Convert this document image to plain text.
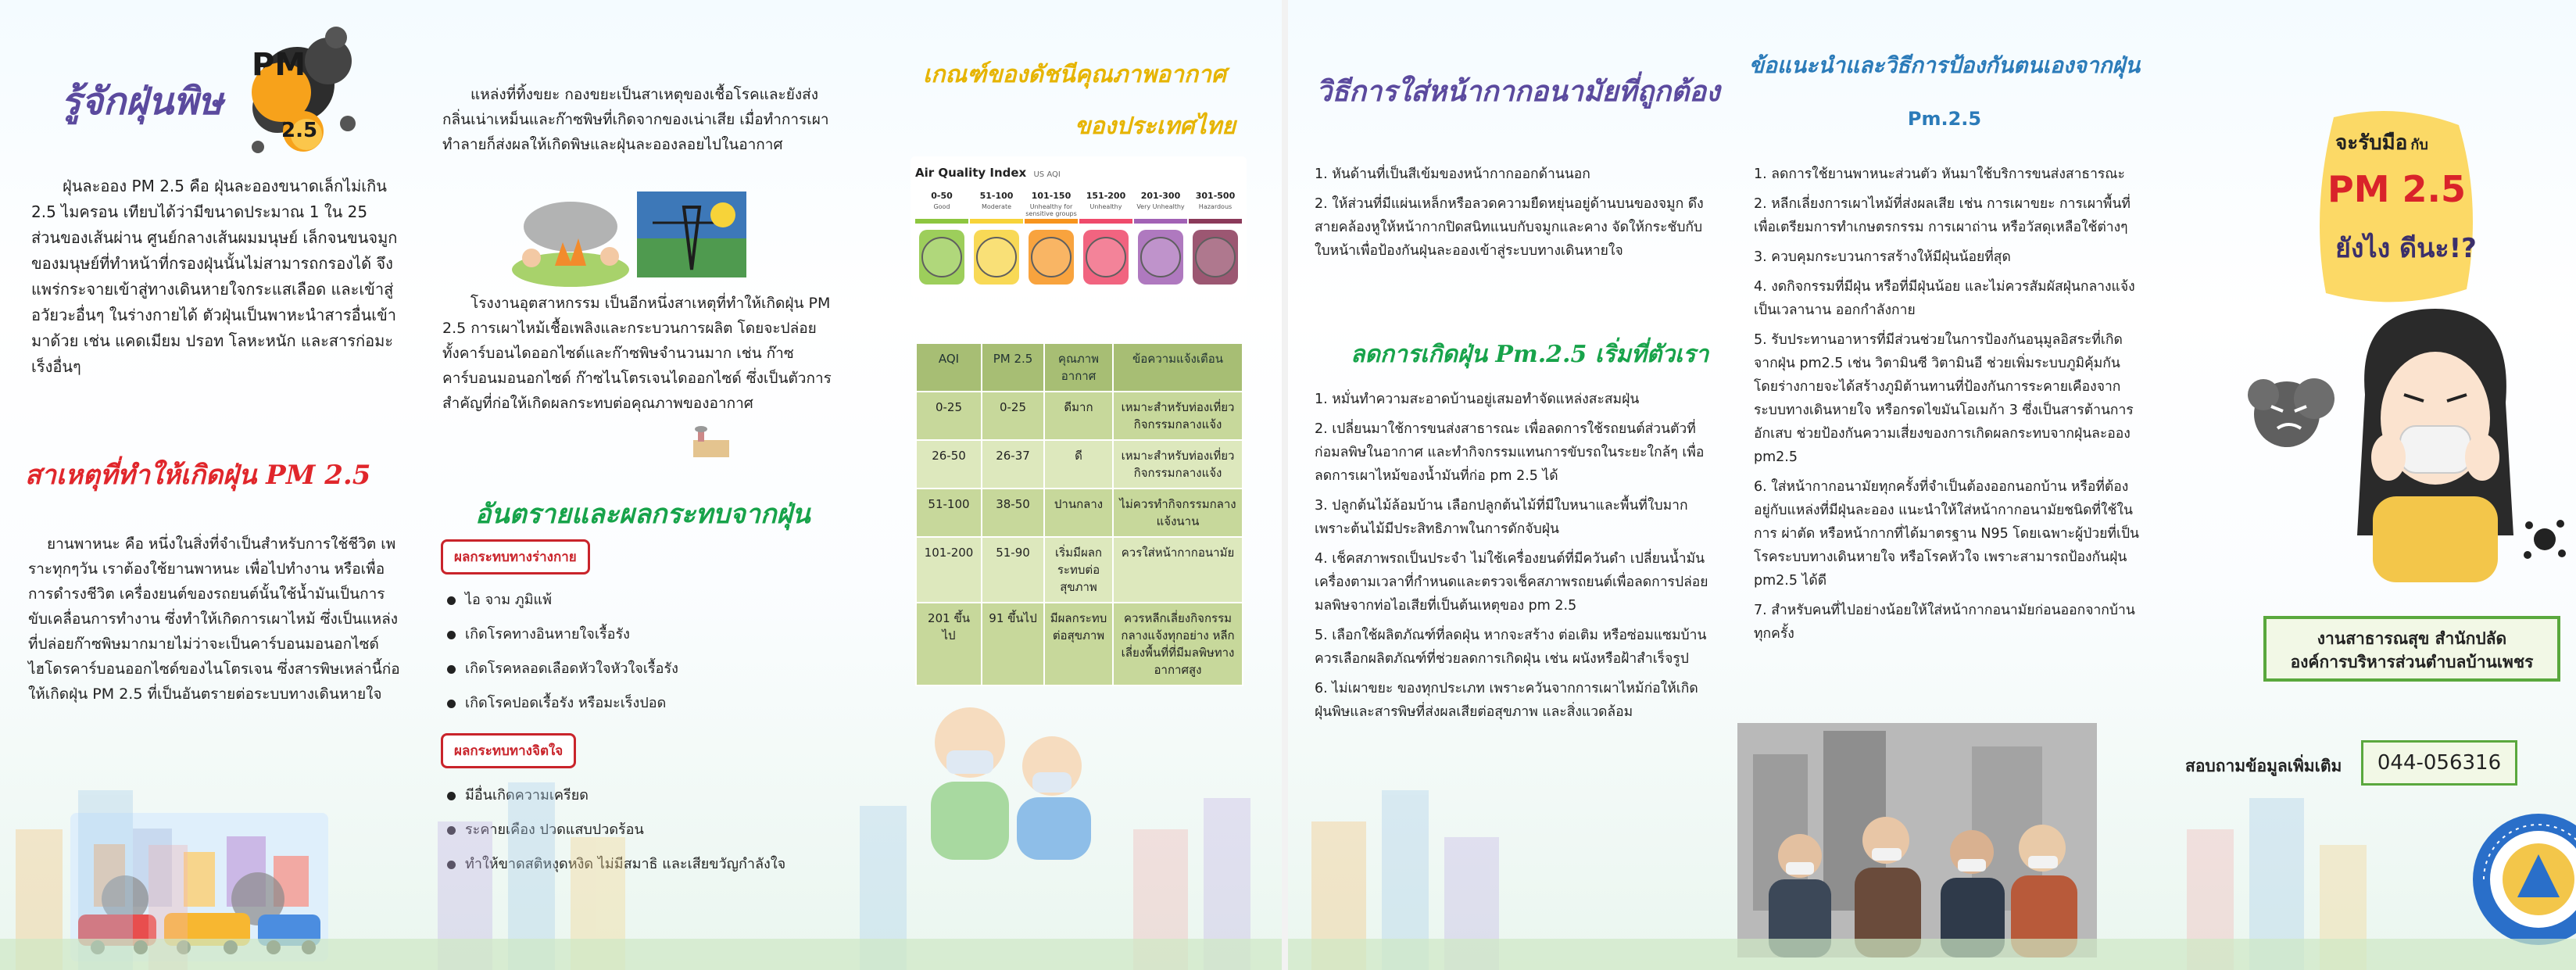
รู้จักฝุ่นพิษ
PM
2.5

ฝุ่นละออง PM 2.5 คือ ฝุ่นละอองขนาดเล็กไม่เกิน 2.5 ไมครอน เทียบได้ว่ามีขนาดประมาณ 1 ใน 25 ส่วนของเส้นผ่าน ศูนย์กลางเส้นผมมนุษย์ เล็กจนขนจมูกของมนุษย์ที่ทำหน้าที่กรองฝุ่นนั้นไม่สามารถกรองได้ จึงแพร่กระจายเข้าสู่ทางเดินหายใจกระแสเลือด และเข้าสู่อวัยวะอื่นๆ ในร่างกายได้ ตัวฝุ่นเป็นพาหะนำสารอื่นเข้ามาด้วย เช่น แคดเมียม ปรอท โลหะหนัก และสารก่อมะเร็งอื่นๆ

สาเหตุที่ทำให้เกิดฝุ่น PM 2.5

ยานพาหนะ คือ หนึ่งในสิ่งที่จำเป็นสำหรับการใช้ชีวิต เพราะทุกๆวัน เราต้องใช้ยานพาหนะ เพื่อไปทำงาน หรือเพื่อการดำรงชีวิต เครื่องยนต์ของรถยนต์นั้นใช้น้ำมันเป็นการขับเคลื่อนการทำงาน ซึ่งทำให้เกิดการเผาไหม้ ซึ่งเป็นแหล่งที่ปล่อยก๊าซพิษมากมายไม่ว่าจะเป็นคาร์บอนมอนอกไซด์ไฮโดรคาร์บอนออกไซด์ของไนโตรเจน ซึ่งสารพิษเหล่านี้ก่อให้เกิดฝุ่น PM 2.5 ที่เป็นอันตรายต่อระบบทางเดินหายใจ

แหล่งที่ทิ้งขยะ กองขยะเป็นสาเหตุของเชื้อโรคและยังส่งกลิ่นเน่าเหม็นและก๊าซพิษที่เกิดจากของเน่าเสีย เมื่อทำการเผาทำลายก็ส่งผลให้เกิดพิษและฝุ่นละอองลอยไปในอากาศ

โรงงานอุตสาหกรรม เป็นอีกหนึ่งสาเหตุที่ทำให้เกิดฝุ่น PM 2.5 การเผาไหม้เชื้อเพลิงและกระบวนการผลิต โดยจะปล่อยทั้งคาร์บอนไดออกไซด์และก๊าซพิษจำนวนมาก เช่น ก๊าซคาร์บอนมอนอกไซด์ ก๊าซไนโตรเจนไดออกไซด์ ซึ่งเป็นตัวการสำคัญที่ก่อให้เกิดผลกระทบต่อคุณภาพของอากาศ

อันตรายและผลกระทบจากฝุ่น
ผลกระทบทางร่างกาย
ไอ จาม ภูมิแพ้
เกิดโรคทางอินหายใจเรื้อรัง
เกิดโรคหลอดเลือดหัวใจหัวใจเรื้อรัง
เกิดโรคปอดเรื้อรัง หรือมะเร็งปอด
ผลกระทบทางจิตใจ
มีอื่นเกิดความเครียด
ระคายเคือง ปวดแสบปวดร้อน
ทำให้ขาดสติหงุดหงิด ไม่มีสมาธิ และเสียขวัญกำลังใจ
เกณฑ์ของดัชนีคุณภาพอากาศ
ของประเทศไทย
Air Quality Index US AQI
0-50
Good
51-100
Moderate
101-150
Unhealthy for sensitive groups
151-200
Unhealthy
201-300
Very Unhealthy
301-500
Hazardous
AQI	PM 2.5	คุณภาพอากาศ	ข้อความแจ้งเตือน
0-25	0-25	ดีมาก	เหมาะสำหรับท่องเที่ยว กิจกรรมกลางแจ้ง
26-50	26-37	ดี	เหมาะสำหรับท่องเที่ยว กิจกรรมกลางแจ้ง
51-100	38-50	ปานกลาง	ไม่ควรทำกิจกรรมกลางแจ้งนาน
101-200	51-90	เริ่มมีผลกระทบต่อสุขภาพ	ควรใส่หน้ากากอนามัย
201 ขึ้นไป	91 ขึ้นไป	มีผลกระทบต่อสุขภาพ	ควรหลีกเลี่ยงกิจกรรมกลางแจ้งทุกอย่าง หลีกเลี่ยงพื้นที่ที่มีมลพิษทางอากาศสูง
วิธีการใส่หน้ากากอนามัยที่ถูกต้อง
1. หันด้านที่เป็นสีเข้มของหน้ากากออกด้านนอก
2. ให้ส่วนที่มีแผ่นเหล็กหรือลวดความยืดหยุ่นอยู่ด้านบนของจมูก ดึงสายคล้องหูให้หน้ากากปิดสนิทแนบกับจมูกและคาง จัดให้กระชับกับใบหน้าเพื่อป้องกันฝุ่นละอองเข้าสู่ระบบทางเดินหายใจ
ลดการเกิดฝุ่น Pm.2.5 เริ่มที่ตัวเรา
1. หมั่นทำความสะอาดบ้านอยู่เสมอทำจัดแหล่งสะสมฝุ่น
2. เปลี่ยนมาใช้การขนส่งสาธารณะ เพื่อลดการใช้รถยนต์ส่วนตัวที่ก่อมลพิษในอากาศ และทำกิจกรรมแทนการขับรถในระยะใกล้ๆ เพื่อลดการเผาไหม้ของน้ำมันที่ก่อ pm 2.5 ได้
3. ปลูกต้นไม้ล้อมบ้าน เลือกปลูกต้นไม้ที่มีใบหนาและพื้นที่ใบมากเพราะต้นไม้มีประสิทธิภาพในการดักจับฝุ่น
4. เช็คสภาพรถเป็นประจำ ไม่ใช้เครื่องยนต์ที่มีควันดำ เปลี่ยนน้ำมันเครื่องตามเวลาที่กำหนดและตรวจเช็คสภาพรถยนต์เพื่อลดการปล่อยมลพิษจากท่อไอเสียที่เป็นต้นเหตุของ pm 2.5
5. เลือกใช้ผลิตภัณฑ์ที่ลดฝุ่น หากจะสร้าง ต่อเติม หรือซ่อมแซมบ้าน ควรเลือกผลิตภัณฑ์ที่ช่วยลดการเกิดฝุ่น เช่น ผนังหรือฝ้าสำเร็จรูป
6. ไม่เผาขยะ ของทุกประเภท เพราะควันจากการเผาไหม้ก่อให้เกิดฝุ่นพิษและสารพิษที่ส่งผลเสียต่อสุขภาพ และสิ่งแวดล้อม
ข้อแนะนำและวิธีการป้องกันตนเองจากฝุ่น
Pm.2.5
1. ลดการใช้ยานพาหนะส่วนตัว หันมาใช้บริการขนส่งสาธารณะ
2. หลีกเลี่ยงการเผาไหม้ที่ส่งผลเสีย เช่น การเผาขยะ การเผาพื้นที่เพื่อเตรียมการทำเกษตรกรรม การเผาถ่าน หรือวัสดุเหลือใช้ต่างๆ
3. ควบคุมกระบวนการสร้างให้มีฝุ่นน้อยที่สุด
4. งดกิจกรรมที่มีฝุ่น หรือที่มีฝุ่นน้อย และไม่ควรสัมผัสฝุ่นกลางแจ้งเป็นเวลานาน ออกกำลังกาย
5. รับประทานอาหารที่มีส่วนช่วยในการป้องกันอนุมูลอิสระที่เกิดจากฝุ่น pm2.5 เช่น วิตามินซี วิตามินอี ช่วยเพิ่มระบบภูมิคุ้มกัน โดยร่างกายจะได้สร้างภูมิต้านทานที่ป้องกันการระคายเคืองจากระบบทางเดินหายใจ หรือกรดไขมันโอเมก้า 3 ซึ่งเป็นสารต้านการอักเสบ ช่วยป้องกันความเสี่ยงของการเกิดผลกระทบจากฝุ่นละออง pm2.5
6. ใส่หน้ากากอนามัยทุกครั้งที่จำเป็นต้องออกนอกบ้าน หรือที่ต้องอยู่กับแหล่งที่มีฝุ่นละออง แนะนำให้ใส่หน้ากากอนามัยชนิดที่ใช้ในการ ผ่าตัด หรือหน้ากากที่ได้มาตรฐาน N95 โดยเฉพาะผู้ป่วยที่เป็นโรคระบบทางเดินหายใจ หรือโรคหัวใจ เพราะสามารถป้องกันฝุ่น pm2.5 ได้ดี
7. สำหรับคนที่ไปอย่างน้อยให้ใส่หน้ากากอนามัยก่อนออกจากบ้านทุกครั้ง
จะรับมือ กับ
PM 2.5
ยังไง ดีนะ!?
งานสาธารณสุข สำนักปลัด
องค์การบริหารส่วนตำบลบ้านเพชร
สอบถามข้อมูลเพิ่มเติม	044-056316
